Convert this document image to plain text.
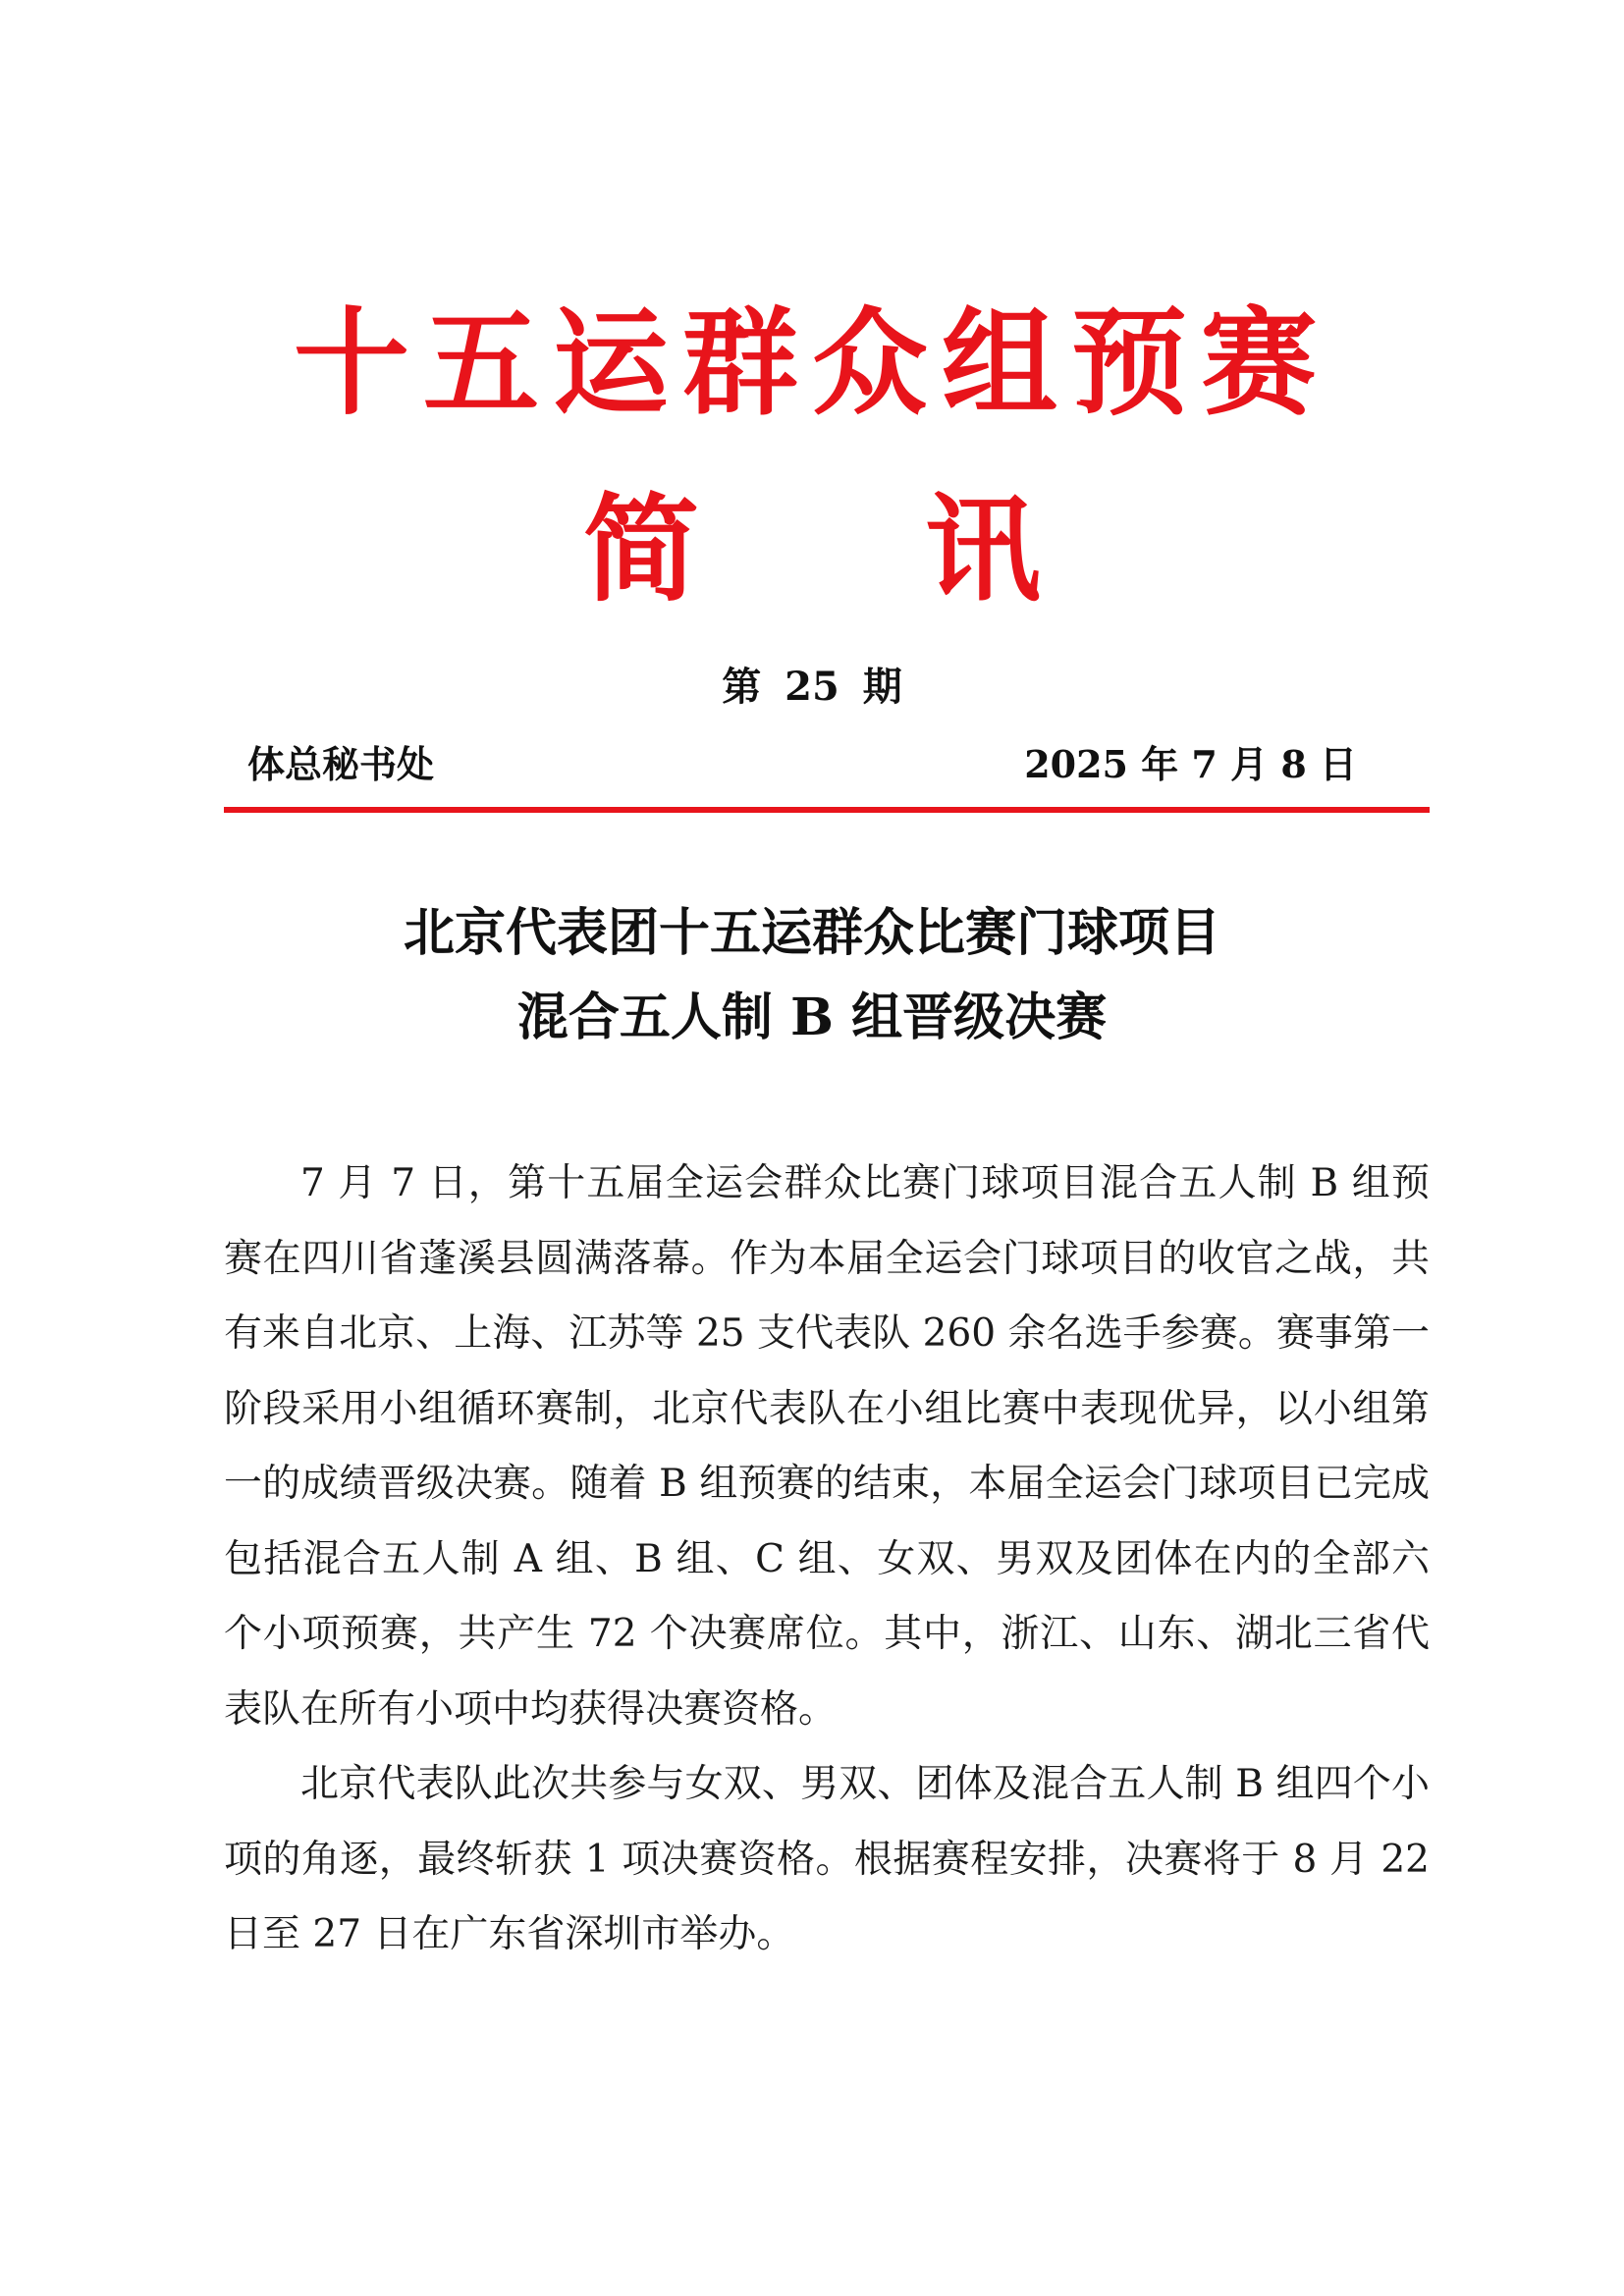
十五运群众组预赛
简 讯
第 25 期
体总秘书处	2025 年 7 月 8 日
北京代表团十五运群众比赛门球项目
混合五人制 B 组晋级决赛

7 月 7 日，第十五届全运会群众比赛门球项目混合五人制 B 组预赛在四川省蓬溪县圆满落幕。作为本届全运会门球项目的收官之战，共有来自北京、上海、江苏等 25 支代表队 260 余名选手参赛。赛事第一阶段采用小组循环赛制，北京代表队在小组比赛中表现优异，以小组第一的成绩晋级决赛。随着 B 组预赛的结束，本届全运会门球项目已完成包括混合五人制 A 组、B 组、C 组、女双、男双及团体在内的全部六个小项预赛，共产生 72 个决赛席位。其中，浙江、山东、湖北三省代表队在所有小项中均获得决赛资格。

北京代表队此次共参与女双、男双、团体及混合五人制 B 组四个小项的角逐，最终斩获 1 项决赛资格。根据赛程安排，决赛将于 8 月 22 日至 27 日在广东省深圳市举办。
